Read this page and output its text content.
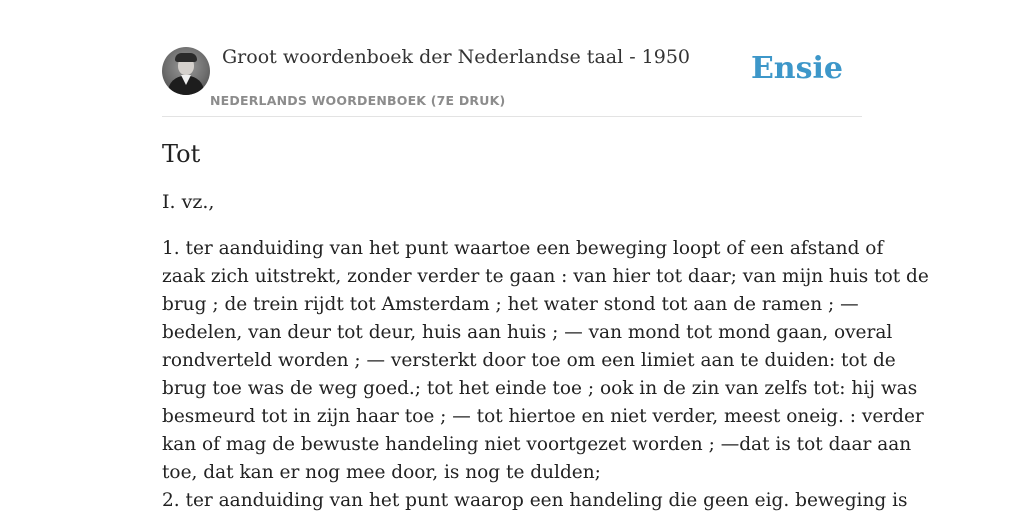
Groot woordenboek der Nederlandse taal - 1950
NEDERLANDS WOORDENBOEK (7E DRUK)
Ensie
Tot

I. vz.,

1. ter aanduiding van het punt waartoe een beweging loopt of een afstand of
zaak zich uitstrekt, zonder verder te gaan : van hier tot daar; van mijn huis tot de
brug ; de trein rijdt tot Amsterdam ; het water stond tot aan de ramen ; —
bedelen, van deur tot deur, huis aan huis ; — van mond tot mond gaan, overal
rondverteld worden ; — versterkt door toe om een limiet aan te duiden: tot de
brug toe was de weg goed.; tot het einde toe ; ook in de zin van zelfs tot: hij was
besmeurd tot in zijn haar toe ; — tot hiertoe en niet verder, meest oneig. : verder
kan of mag de bewuste handeling niet voortgezet worden ; —dat is tot daar aan
toe, dat kan er nog mee door, is nog te dulden;
2. ter aanduiding van het punt waarop een handeling die geen eig. beweging is
